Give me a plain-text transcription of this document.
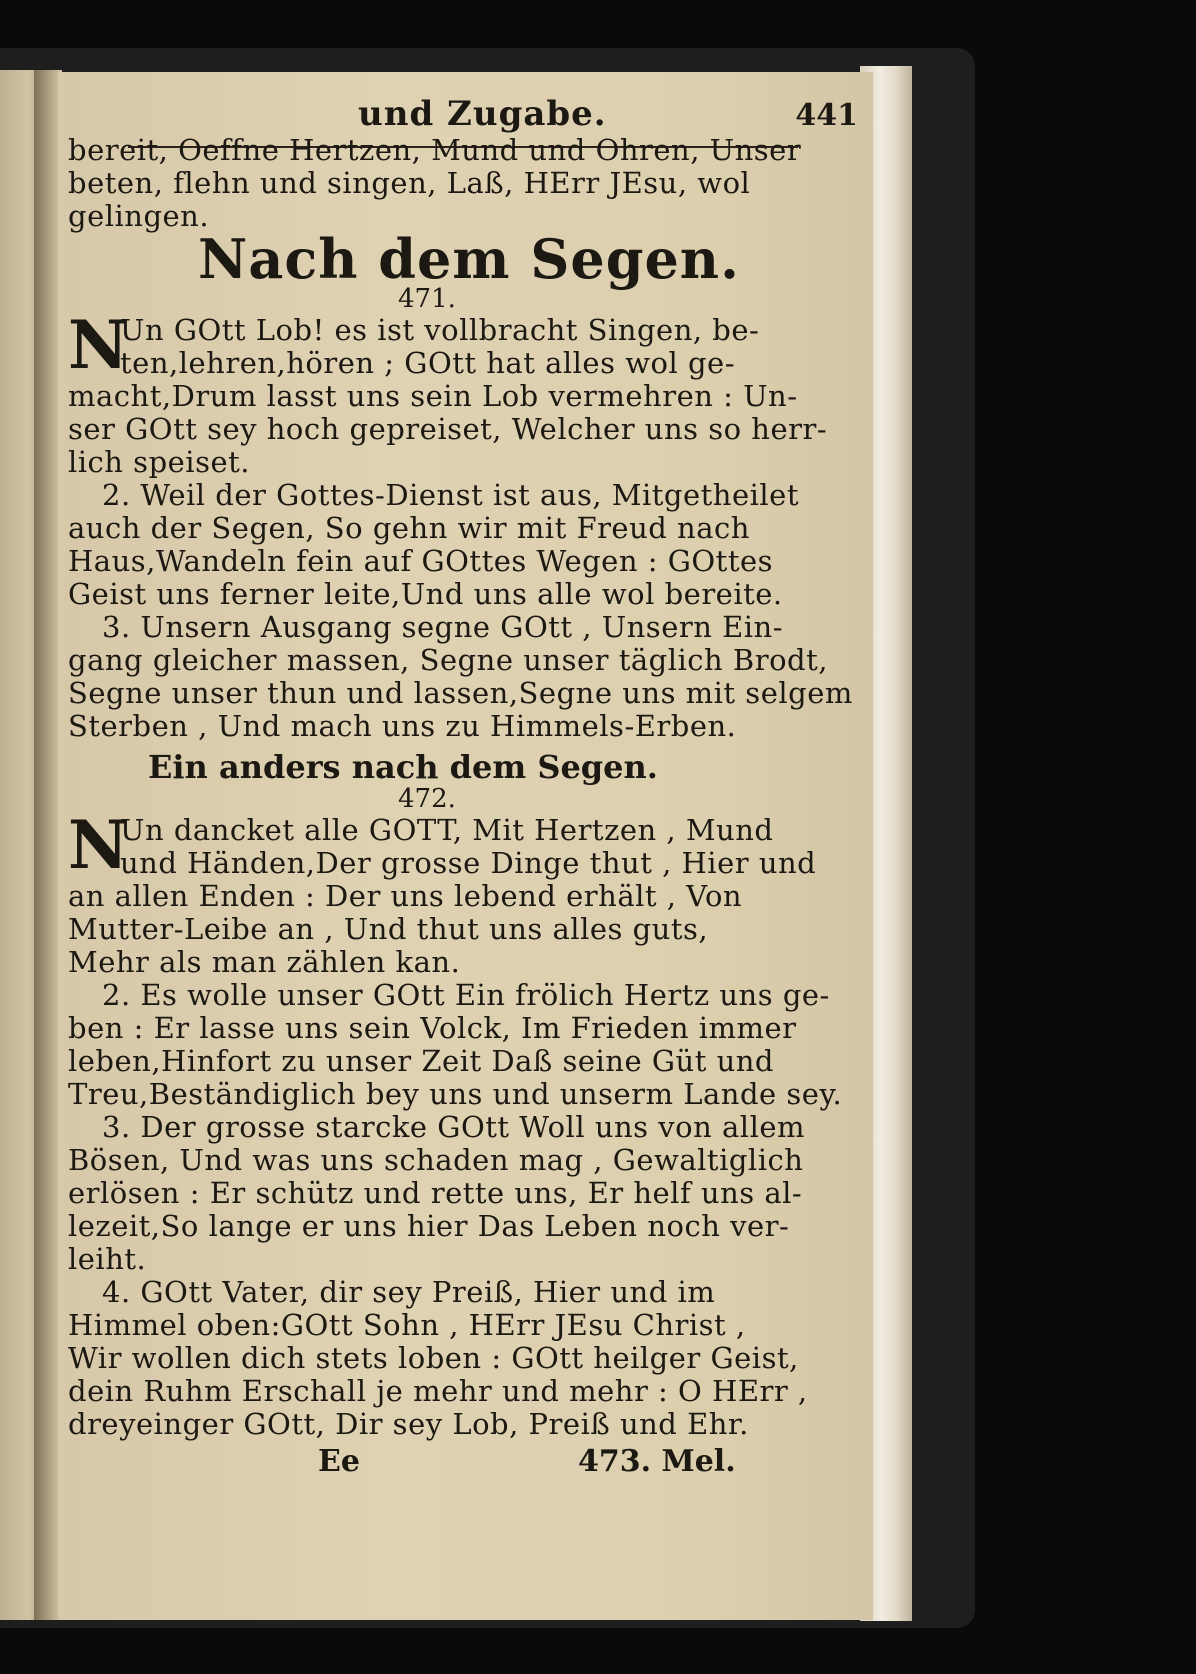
und Zugabe.	441
bereit, Oeffne Hertzen, Mund und Ohren, Unser
beten, flehn und singen, Laß, HErr JEsu, wol
gelingen.
Nach dem Segen.
471.
N
Un GOtt Lob! es ist vollbracht Singen, be-
ten,lehren,hören ; GOtt hat alles wol ge-
macht,Drum lasst uns sein Lob vermehren : Un-
ser GOtt sey hoch gepreiset, Welcher uns so herr-
lich speiset.
2. Weil der Gottes-Dienst ist aus, Mitgetheilet
auch der Segen, So gehn wir mit Freud nach
Haus,Wandeln fein auf GOttes Wegen : GOttes
Geist uns ferner leite,Und uns alle wol bereite.
3. Unsern Ausgang segne GOtt , Unsern Ein-
gang gleicher massen, Segne unser täglich Brodt,
Segne unser thun und lassen,Segne uns mit selgem
Sterben , Und mach uns zu Himmels-Erben.
Ein anders nach dem Segen.
472.
N
Un dancket alle GOTT, Mit Hertzen , Mund
und Händen,Der grosse Dinge thut , Hier und
an allen Enden : Der uns lebend erhält , Von
Mutter-Leibe an , Und thut uns alles guts,
Mehr als man zählen kan.
2. Es wolle unser GOtt Ein frölich Hertz uns ge-
ben : Er lasse uns sein Volck, Im Frieden immer
leben,Hinfort zu unser Zeit Daß seine Güt und
Treu,Beständiglich bey uns und unserm Lande sey.
3. Der grosse starcke GOtt Woll uns von allem
Bösen, Und was uns schaden mag , Gewaltiglich
erlösen : Er schütz und rette uns, Er helf uns al-
lezeit,So lange er uns hier Das Leben noch ver-
leiht.
4. GOtt Vater, dir sey Preiß, Hier und im
Himmel oben:GOtt Sohn , HErr JEsu Christ ,
Wir wollen dich stets loben : GOtt heilger Geist,
dein Ruhm Erschall je mehr und mehr : O HErr ,
dreyeinger GOtt, Dir sey Lob, Preiß und Ehr.
Ee	473. Mel.
